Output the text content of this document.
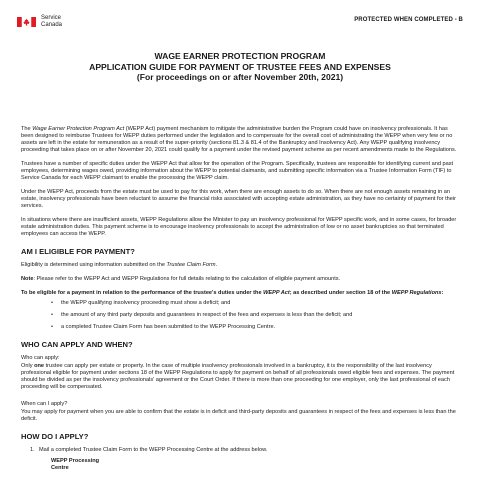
Service
Canada
PROTECTED WHEN COMPLETED - B
WAGE EARNER PROTECTION PROGRAM
APPLICATION GUIDE FOR PAYMENT OF TRUSTEE FEES AND EXPENSES
(For proceedings on or after November 20th, 2021)

The Wage Earner Protection Program Act (WEPP Act) payment mechanism to mitigate the administrative burden the Program could have on insolvency professionals. It has been designed to reimburse Trustees for WEPP duties performed under the legislation and to compensate for the overall cost of administrating the WEPP when very few or no assets are left in the estate for remuneration as a result of the super-priority (sections 81.3 & 81.4 of the Bankruptcy and Insolvency Act). Any WEPP qualifying insolvency proceeding that takes place on or after November 20, 2021 could qualify for a payment under the revised payment scheme as per recent amendments made to the Regulations.

Trustees have a number of specific duties under the WEPP Act that allow for the operation of the Program. Specifically, trustees are responsible for identifying current and past employees, determining wages owed, providing information about the WEPP to potential claimants, and submitting specific information via a Trustee Information Form (TIF) to Service Canada for each WEPP claimant to enable the processing the WEPP claim.

Under the WEPP Act, proceeds from the estate must be used to pay for this work, when there are enough assets to do so. When there are not enough assets remaining in an estate, insolvency professionals have been reluctant to assume the financial risks associated with accepting estate administration, as they have no certainty of payment for their services.

In situations where there are insufficient assets, WEPP Regulations allow the Minister to pay an insolvency professional for WEPP specific work, and in some cases, for broader estate administration duties. This payment scheme is to encourage insolvency professionals to accept the administration of low or no asset bankruptcies so that terminated employees can access the WEPP.

AM I ELIGIBLE FOR PAYMENT?

Eligibility is determined using information submitted on the Trustee Claim Form.

Note: Please refer to the WEPP Act and WEPP Regulations for full details relating to the calculation of eligible payment amounts.

To be eligible for a payment in relation to the performance of the trustee's duties under the WEPP Act; as described under section 18 of the WEPP Regulations:

• the WEPP qualifying insolvency proceeding must show a deficit; and
• the amount of any third party deposits and guarantees in respect of the fees and expenses is less than the deficit; and
• a completed Trustee Claim Form has been submitted to the WEPP Processing Centre.
WHO CAN APPLY AND WHEN?

Who can apply:

Only one trustee can apply per estate or property. In the case of multiple insolvency professionals involved in a bankruptcy, it is the responsibility of the last insolvency professional eligible for payment under sections 18 of the WEPP Regulations to apply for payment on behalf of all professionals owed eligible fees and expenses. The payment should be divided as per the insolvency professionals' agreement or the Court Order. If there is more than one proceeding for one employer, only the last professional of each proceeding will be compensated.

When can I apply?

You may apply for payment when you are able to confirm that the estate is in deficit and third-party deposits and guarantees in respect of the fees and expenses is less than the deficit.

HOW DO I APPLY?
1. Mail a completed Trustee Claim Form to the WEPP Processing Centre at the address below.
WEPP Processing
Centre
